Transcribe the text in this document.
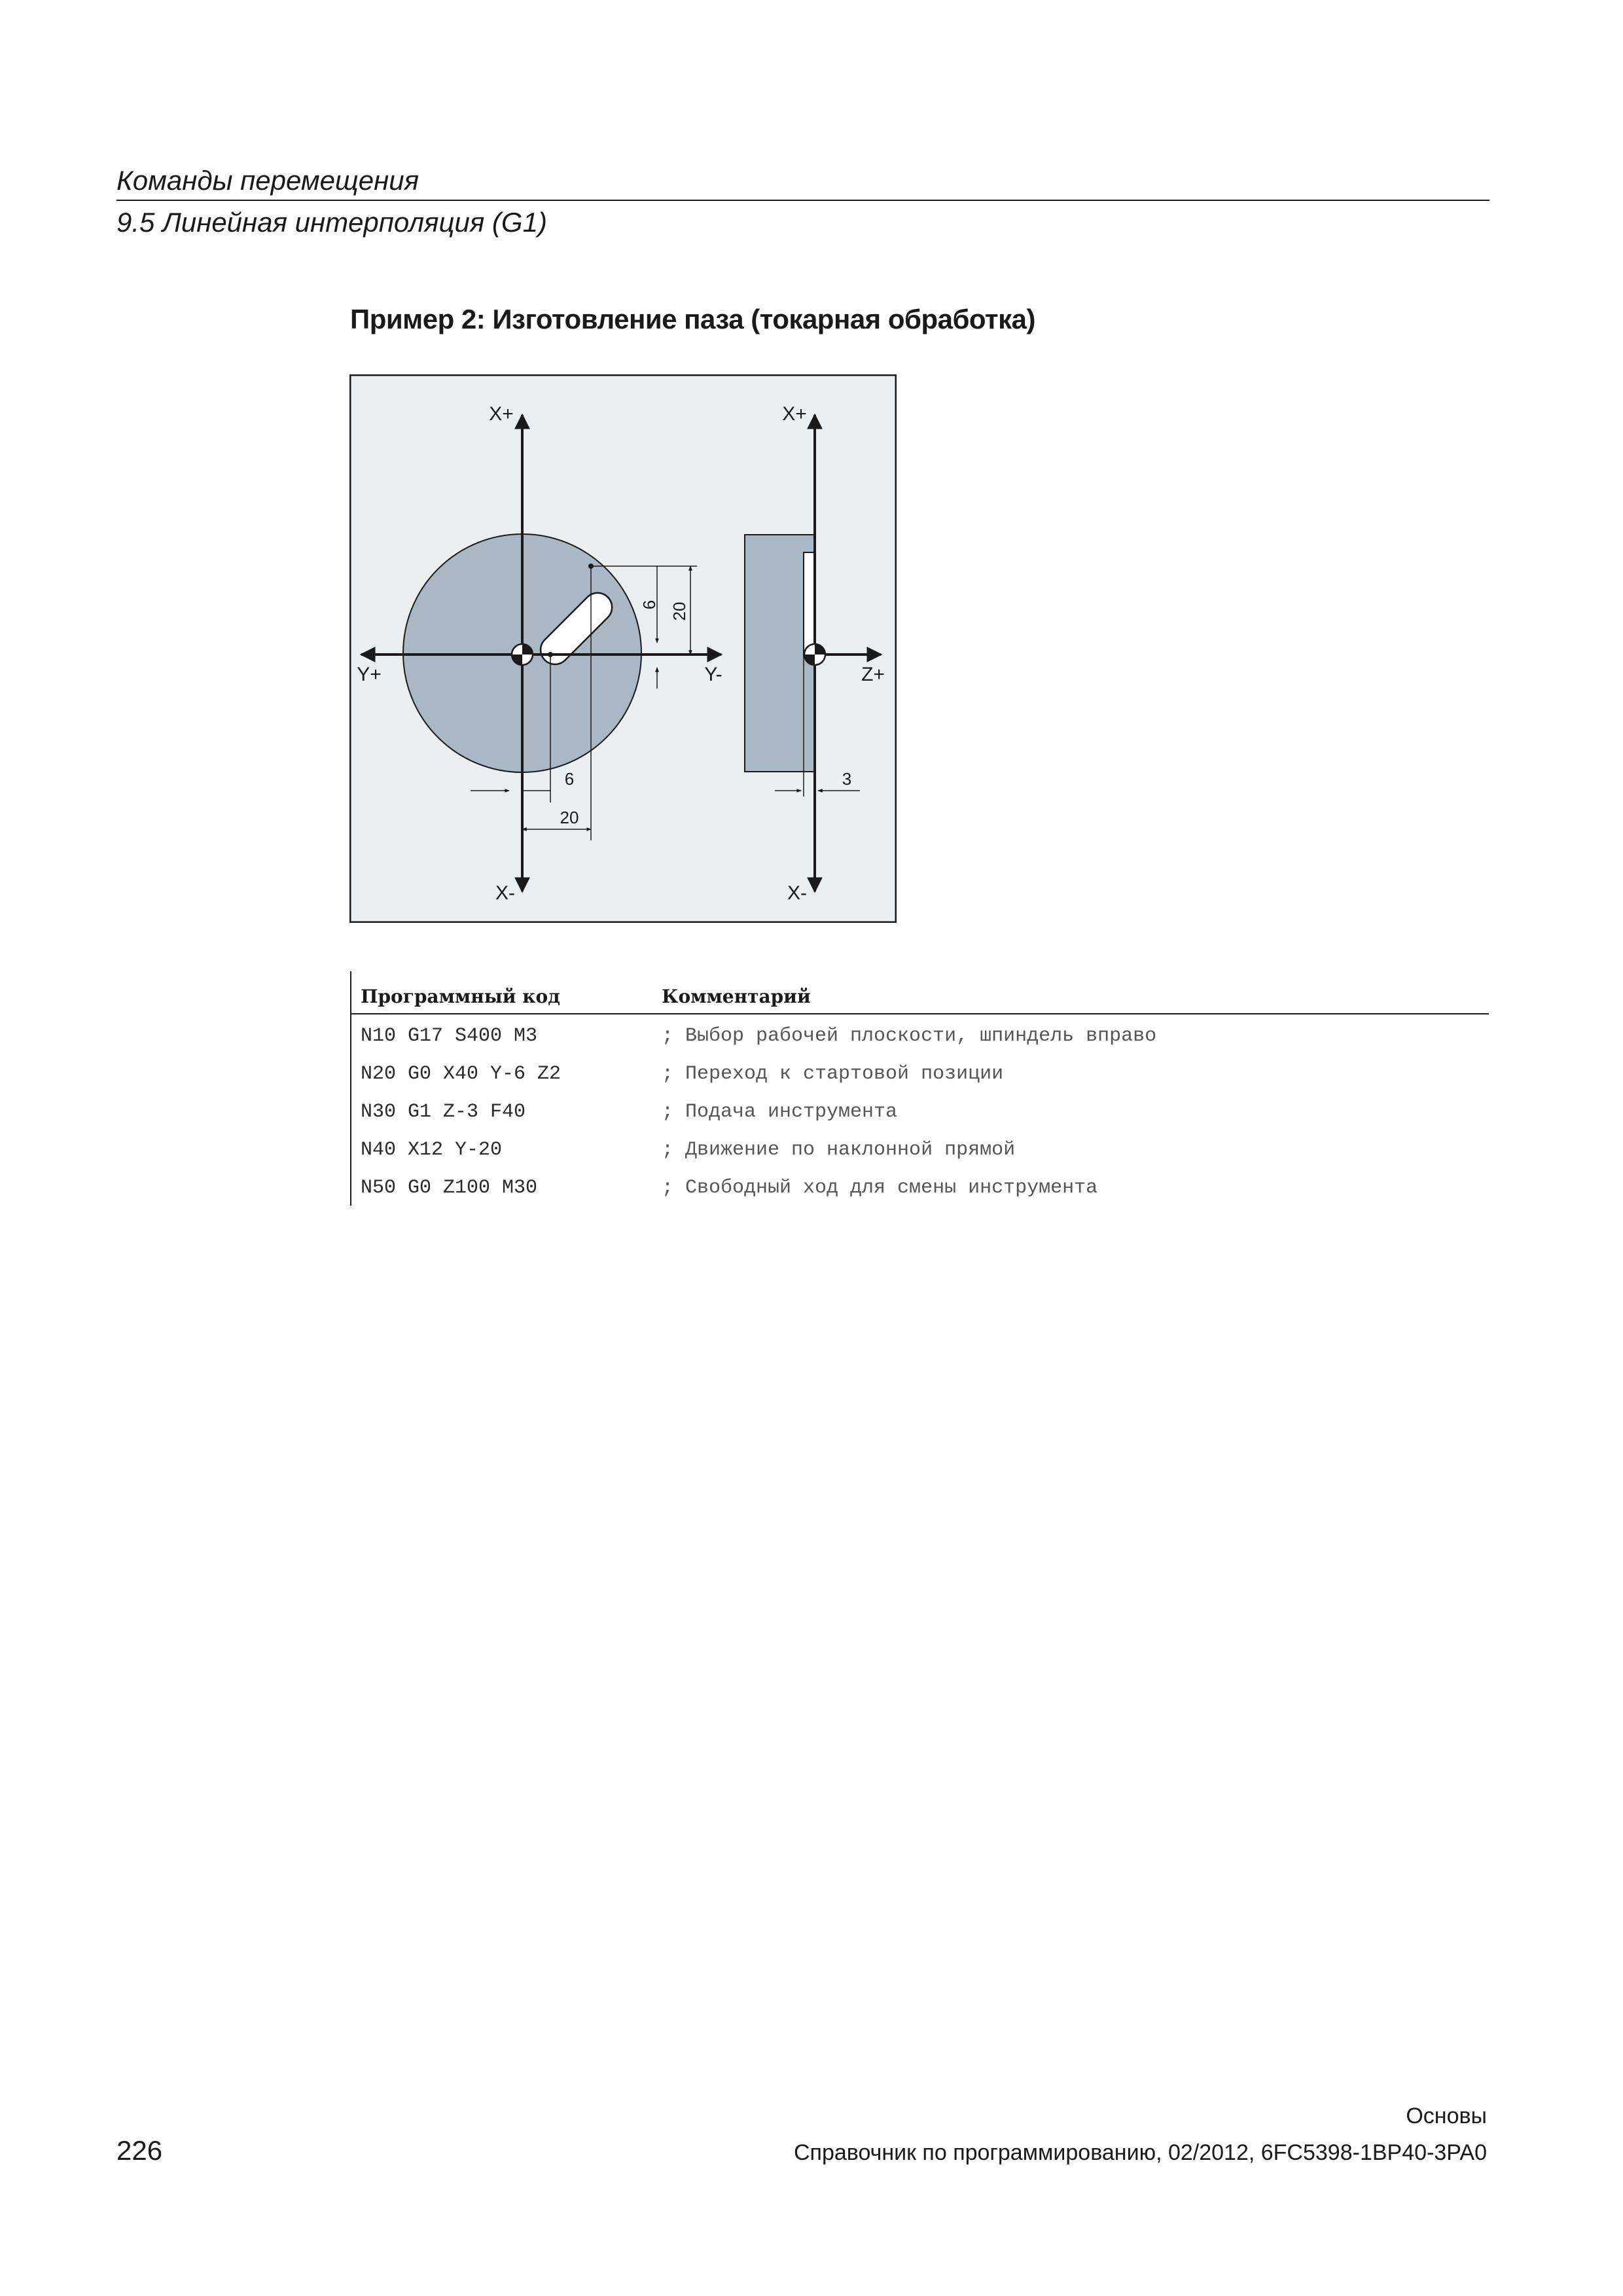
Команды перемещения
9.5 Линейная интерполяция (G1)
Пример 2: Изготовление паза (токарная обработка)
6 20
6
20
X+
X-
Y+	Y-
3
X+
X-
Z+
Программный код	Комментарий
N10 G17 S400 M3	; Выбор рабочей плоскости, шпиндель вправо
N20 G0 X40 Y-6 Z2	; Переход к стартовой позиции
N30 G1 Z-3 F40	; Подача инструмента
N40 X12 Y-20	; Движение по наклонной прямой
N50 G0 Z100 M30	; Свободный ход для смены инструмента
Основы
226	Справочник по программированию, 02/2012, 6FC5398-1BP40-3PA0
